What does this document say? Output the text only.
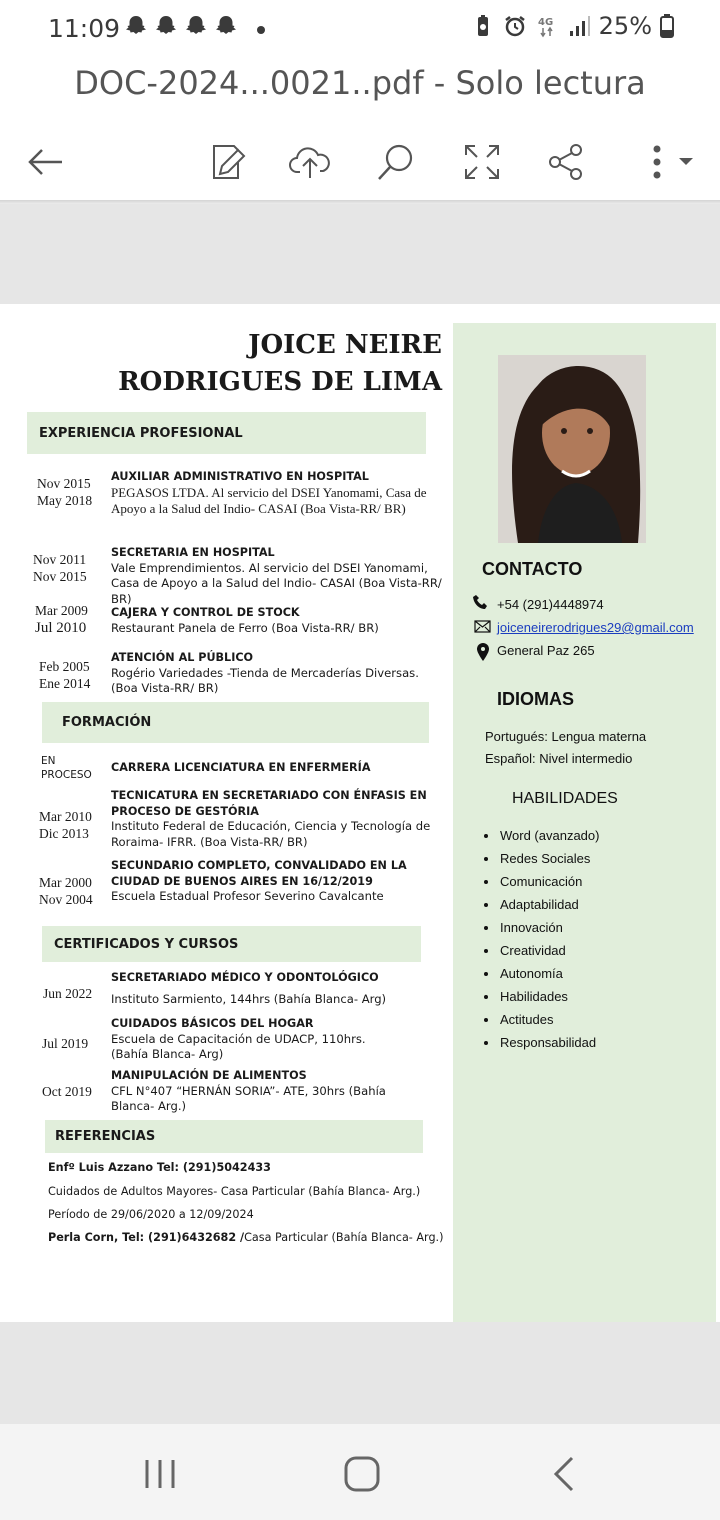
11:09	4G 25%
DOC-2024...0021..pdf - Solo lectura
JOICE NEIRE
RODRIGUES DE LIMA
EXPERIENCIA PROFESIONAL
Nov 2015
May 2018
AUXILIAR ADMINISTRATIVO EN HOSPITAL
PEGASOS LTDA. Al servicio del DSEI Yanomami, Casa de Apoyo a la Salud del Indio- CASAI (Boa Vista-RR/ BR)
Nov 2011
Nov 2015
SECRETARIA EN HOSPITAL
Vale Emprendimientos. Al servicio del DSEI Yanomami, Casa de Apoyo a la Salud del Indio- CASAI (Boa Vista-RR/ BR)
Mar 2009
Jul 2010
CAJERA Y CONTROL DE STOCK
Restaurant Panela de Ferro (Boa Vista-RR/ BR)
Feb 2005
Ene 2014
ATENCIÓN AL PÚBLICO
Rogério Variedades -Tienda de Mercaderías Diversas. (Boa Vista-RR/ BR)
FORMACIÓN
EN
PROCESO
CARRERA LICENCIATURA EN ENFERMERÍA
Mar 2010
Dic 2013
TECNICATURA EN SECRETARIADO CON ÉNFASIS EN PROCESO DE GESTÓRIA
Instituto Federal de Educación, Ciencia y Tecnología de Roraima- IFRR. (Boa Vista-RR/ BR)
Mar 2000
Nov 2004
SECUNDARIO COMPLETO, CONVALIDADO EN LA CIUDAD DE BUENOS AIRES EN 16/12/2019
Escuela Estadual Profesor Severino Cavalcante
CERTIFICADOS Y CURSOS
Jun 2022
SECRETARIADO MÉDICO Y ODONTOLÓGICO
Instituto Sarmiento, 144hrs (Bahía Blanca- Arg)
Jul 2019
CUIDADOS BÁSICOS DEL HOGAR
Escuela de Capacitación de UDACP, 110hrs. (Bahía Blanca- Arg)
Oct 2019
MANIPULACIÓN DE ALIMENTOS
CFL N°407 “HERNÁN SORIA”- ATE, 30hrs (Bahía Blanca- Arg.)
REFERENCIAS
Enfº Luis Azzano Tel: (291)5042433
Cuidados de Adultos Mayores- Casa Particular (Bahía Blanca- Arg.)
Período de 29/06/2020 a 12/09/2024
Perla Corn, Tel: (291)6432682 /Casa Particular (Bahía Blanca- Arg.)
CONTACTO
+54 (291)4448974
joiceneirerodrigues29@gmail.com
General Paz 265
IDIOMAS
Portugués: Lengua materna
Español: Nivel intermedio
HABILIDADES
Word (avanzado)
Redes Sociales
Comunicación
Adaptabilidad
Innovación
Creatividad
Autonomía
Habilidades
Actitudes
Responsabilidad
